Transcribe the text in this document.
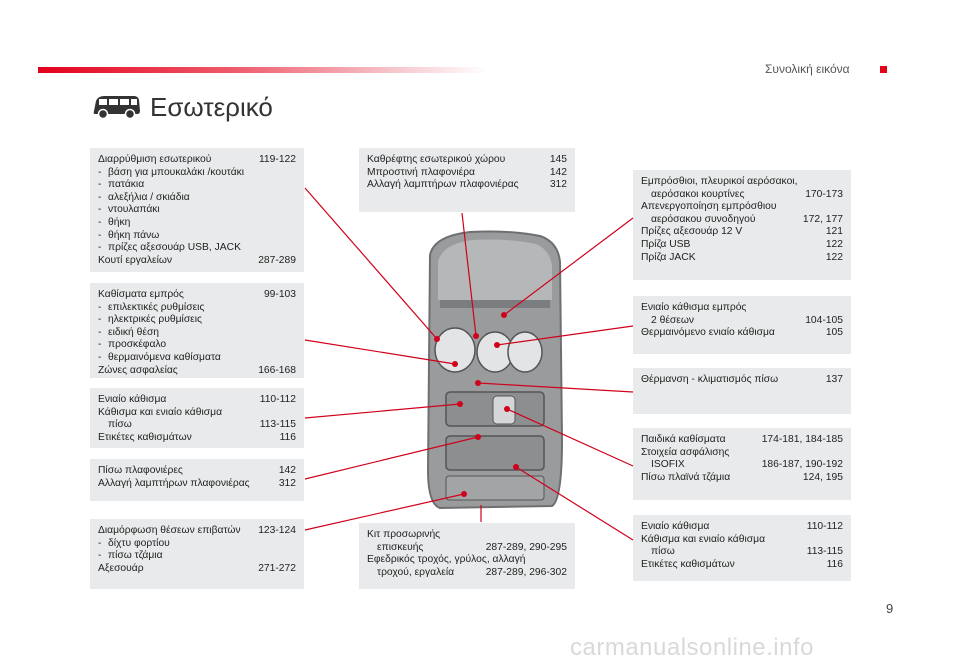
Συνολική εικόνα
Εσωτερικό
Διαρρύθμιση εσωτερικού	119-122
- βάση για μπουκαλάκι /κουτάκι
- πατάκια
- αλεξήλια / σκιάδια
- ντουλαπάκι
- θήκη
- θήκη πάνω
- πρίζες αξεσουάρ USB, JACK
Κουτί εργαλείων	287-289
Καθίσματα εμπρός	99-103
- επιλεκτικές ρυθμίσεις
- ηλεκτρικές ρυθμίσεις
- ειδική θέση
- προσκέφαλο
- θερμαινόμενα καθίσματα
Ζώνες ασφαλείας	166-168
Ενιαίο κάθισμα	110-112
Κάθισμα και ενιαίο κάθισμα
πίσω	113-115
Ετικέτες καθισμάτων	116
Πίσω πλαφονιέρες	142
Αλλαγή λαμπτήρων πλαφονιέρας	312
Διαμόρφωση θέσεων επιβατών	123-124
- δίχτυ φορτίου
- πίσω τζάμια
Αξεσουάρ	271-272
Καθρέφτης εσωτερικού χώρου	145
Μπροστινή πλαφονιέρα	142
Αλλαγή λαμπτήρων πλαφονιέρας	312
Κιτ προσωρινής
επισκευής	287-289, 290-295
Εφεδρικός τροχός, γρύλος, αλλαγή
τροχού, εργαλεία	287-289, 296-302
Εμπρόσθιοι, πλευρικοί αερόσακοι,
αερόσακοι κουρτίνες	170-173
Απενεργοποίηση εμπρόσθιου
αερόσακου συνοδηγού	172, 177
Πρίζες αξεσουάρ 12 V	121
Πρίζα USB	122
Πρίζα JACK	122
Ενιαίο κάθισμα εμπρός
2 θέσεων	104-105
Θερμαινόμενο ενιαίο κάθισμα	105
Θέρμανση - κλιματισμός πίσω	137
Παιδικά καθίσματα	174-181, 184-185
Στοιχεία ασφάλισης
ISOFIX	186-187, 190-192
Πίσω πλαϊνά τζάμια	124, 195
Ενιαίο κάθισμα	110-112
Κάθισμα και ενιαίο κάθισμα
πίσω	113-115
Ετικέτες καθισμάτων	116
9
carmanualsonline.info
